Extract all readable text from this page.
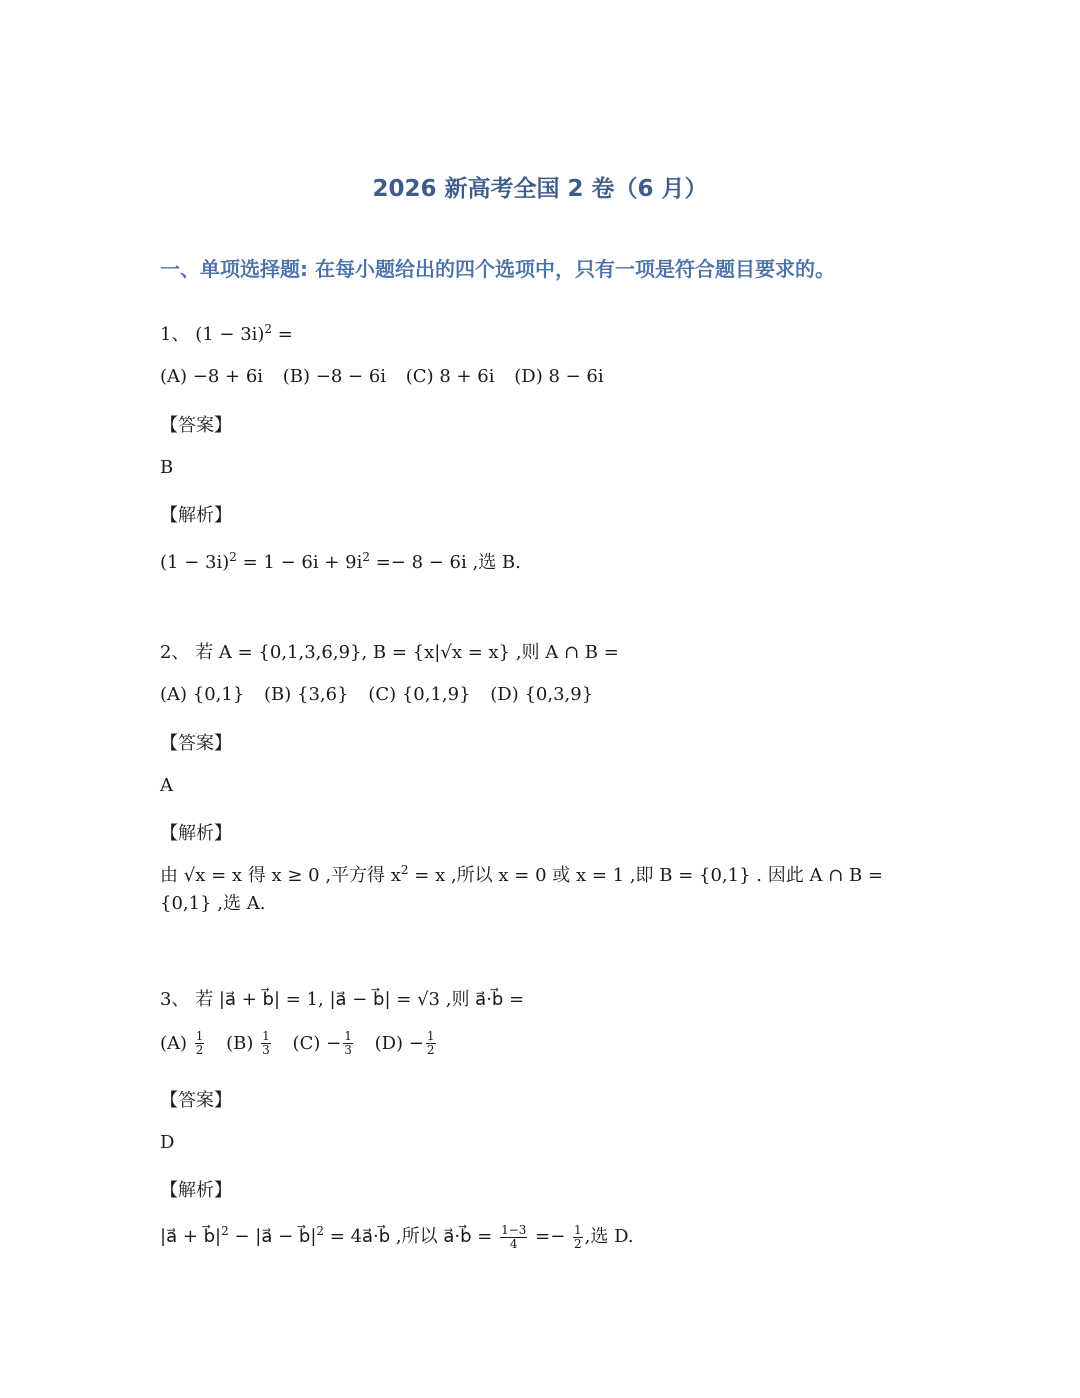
2026 新高考全国 2 卷（6 月）
一、单项选择题: 在每小题给出的四个选项中，只有一项是符合题目要求的。
1、 $(1 - 3i)^2$ =
(A) −8 + 6i (B) −8 − 6i (C) 8 + 6i (D) 8 − 6i
【答案】
B
【解析】
$(1 - 3i)^2 = 1 - 6i + 9i^2 =- 8 - 6i$ ,选 B.
2、 若 A = {0,1,3,6,9}, B = {x|√x = x} ,则 A ∩ B =
(A) {0,1} (B) {3,6} (C) {0,1,9} (D) {0,3,9}
【答案】
A
【解析】
由 √x = x 得 x ≥ 0 ,平方得 $x^2 = x$ ,所以 x = 0 或 x = 1 ,即 B = {0,1} . 因此 A ∩ B = {0,1} ,选 A.
3、 若 |a⃗ + b⃗| = 1, |a⃗ − b⃗| = √3 ,则 a⃗·b⃗ =
$(A) \frac{1}{2} (B) \frac{1}{3} (C) - \frac{1}{3} (D) - \frac{1}{2}$
【答案】
D
【解析】
|a⃗ + $b⃗|^2$ − |a⃗ − $b⃗|^2$ = 4a⃗·b⃗ ,所以 a⃗·b⃗ = $\frac{1-3}{4} =- \frac{1}{2}$ ,选 D.
